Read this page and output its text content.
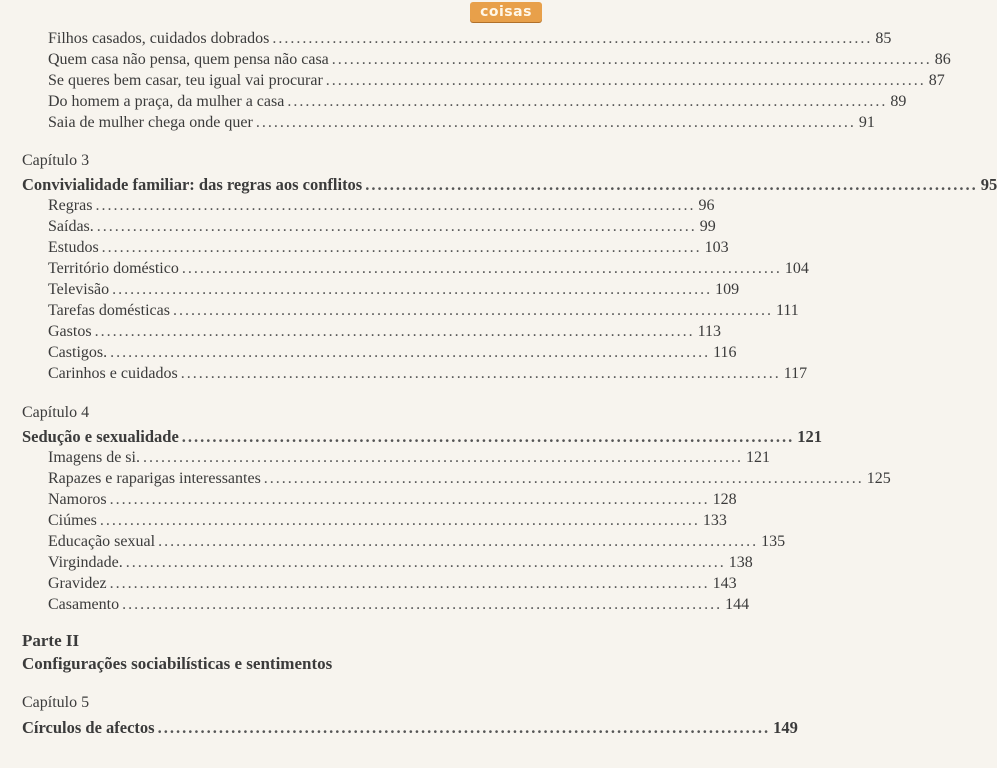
coisas
Filhos casados, cuidados dobrados .................................................................................................... 85
Quem casa não pensa, quem pensa não casa .................................................................................................... 86
Se queres bem casar, teu igual vai procurar .................................................................................................... 87
Do homem a praça, da mulher a casa .................................................................................................... 89
Saia de mulher chega onde quer .................................................................................................... 91
Capítulo 3
Convivialidade familiar: das regras aos conflitos .................................................................................................... 95
Regras .................................................................................................... 96
Saídas. .................................................................................................... 99
Estudos .................................................................................................... 103
Território doméstico .................................................................................................... 104
Televisão .................................................................................................... 109
Tarefas domésticas .................................................................................................... 111
Gastos .................................................................................................... 113
Castigos. .................................................................................................... 116
Carinhos e cuidados .................................................................................................... 117
Capítulo 4
Sedução e sexualidade .................................................................................................... 121
Imagens de si. .................................................................................................... 121
Rapazes e raparigas interessantes .................................................................................................... 125
Namoros .................................................................................................... 128
Ciúmes .................................................................................................... 133
Educação sexual .................................................................................................... 135
Virgindade. .................................................................................................... 138
Gravidez .................................................................................................... 143
Casamento .................................................................................................... 144
Parte II
Configurações sociabilísticas e sentimentos
Capítulo 5
Círculos de afectos .................................................................................................... 149
